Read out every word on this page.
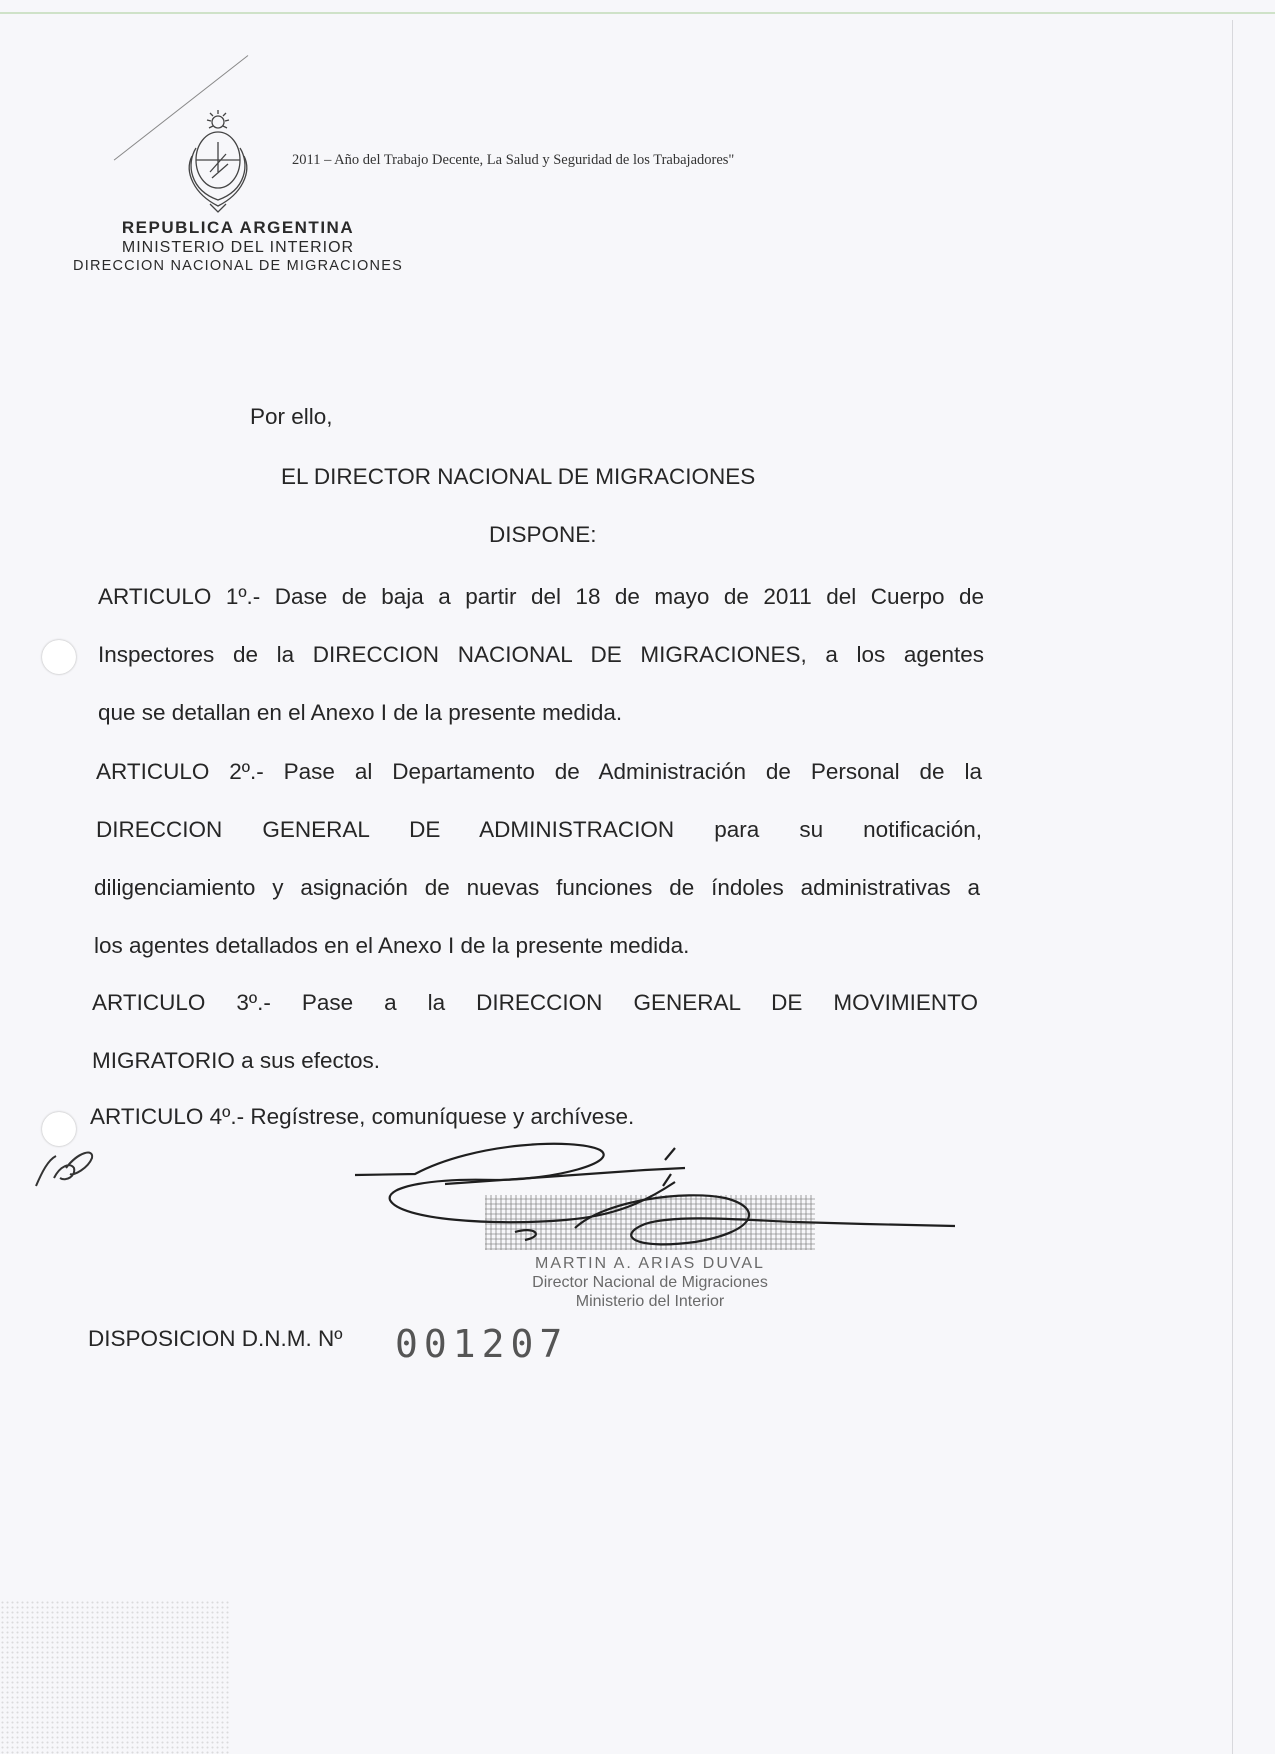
2011 – Año del Trabajo Decente, La Salud y Seguridad de los Trabajadores"
REPUBLICA ARGENTINA
MINISTERIO DEL INTERIOR
DIRECCION NACIONAL DE MIGRACIONES
Por ello,
EL DIRECTOR NACIONAL DE MIGRACIONES
DISPONE:
ARTICULO 1º.- Dase de baja a partir del 18 de mayo de 2011 del Cuerpo de
Inspectores de la DIRECCION NACIONAL DE MIGRACIONES, a los agentes
que se detallan en el Anexo I de la presente medida.
ARTICULO 2º.- Pase al Departamento de Administración de Personal de la
DIRECCION GENERAL DE ADMINISTRACION para su notificación,
diligenciamiento y asignación de nuevas funciones de índoles administrativas a
los agentes detallados en el Anexo I de la presente medida.
ARTICULO 3º.- Pase a la DIRECCION GENERAL DE MOVIMIENTO
MIGRATORIO a sus efectos.
ARTICULO 4º.- Regístrese, comuníquese y archívese.
MARTIN A. ARIAS DUVAL
Director Nacional de Migraciones
Ministerio del Interior
DISPOSICION D.N.M. Nº 001207
